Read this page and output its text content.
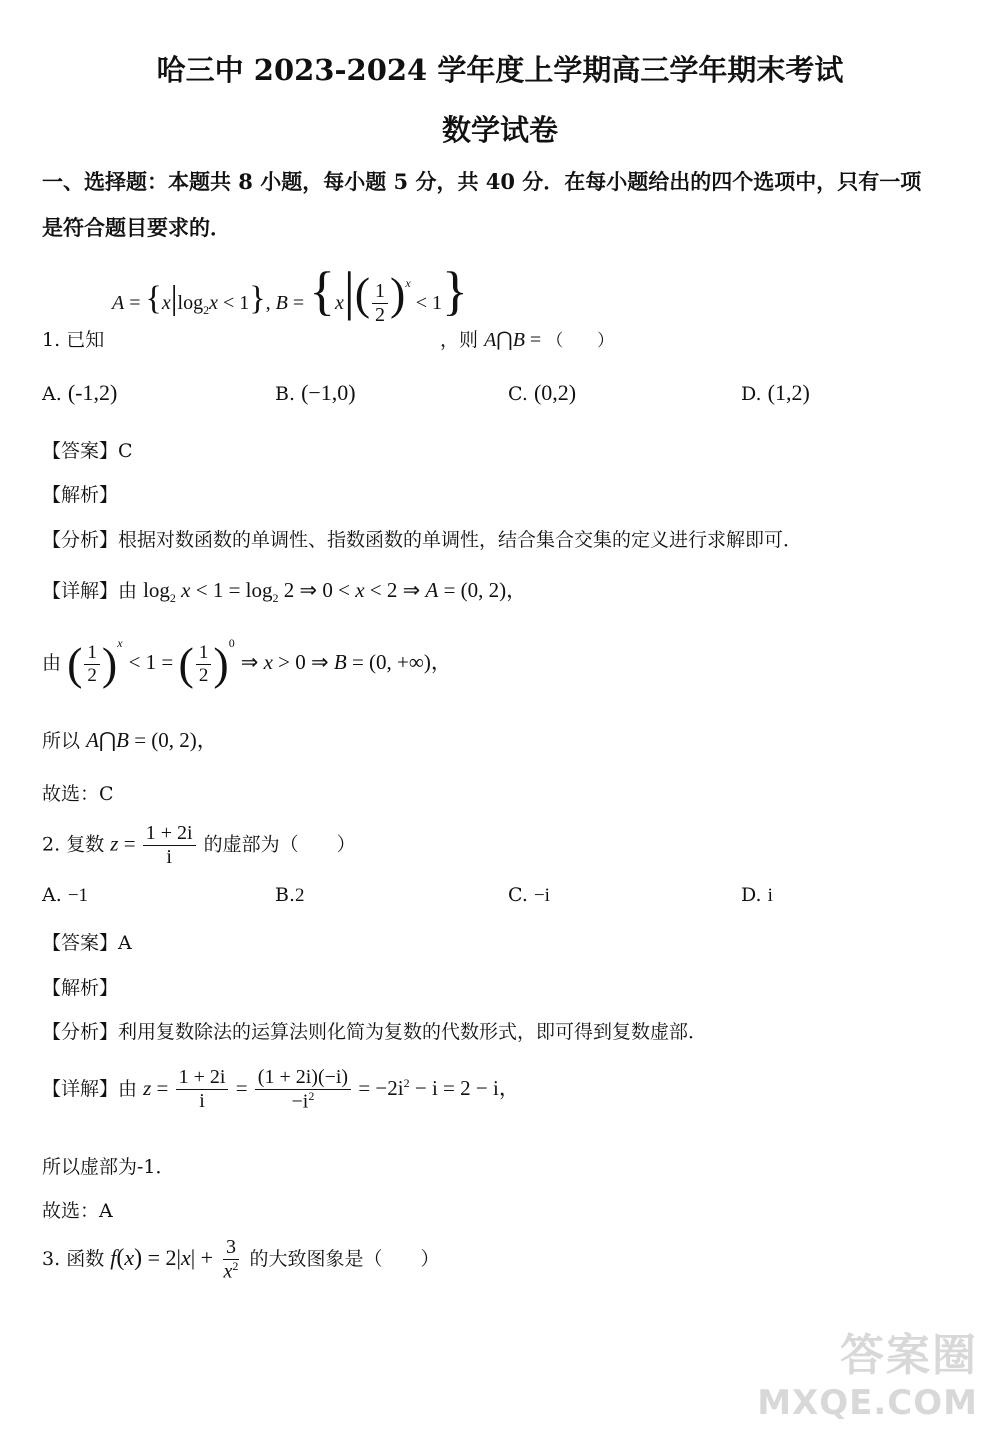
哈三中 2023-2024 学年度上学期高三学年期末考试
数学试卷
一、选择题：本题共 8 小题，每小题 5 分，共 40 分．在每小题给出的四个选项中，只有一项
是符合题目要求的．
$A = \{x|\log_2x < 1\}$, $B = \{x|( \frac{1}{2} )^x < 1\}$
1. 已知	，则 A⋂B = （　　）
A. (-1,2)	B. (−1,0)	C. (0,2)	D. (1,2)
【答案】C
【解析】
【分析】根据对数函数的单调性、指数函数的单调性，结合集合交集的定义进行求解即可．
【详解】由 $\log_2 x < 1 = \log_2 2$ ⇒ 0 < x < 2 ⇒ A = (0, 2)，
由 ( $\frac{1}{2} )^x < 1$ = ( $\frac{1}{2} )^0$ ⇒ x > 0 ⇒ B = (0, +∞)，
所以 A⋂B = (0, 2)，
故选：C
2. 复数 $z = \frac{1 + 2i}{i}$ 的虚部为（　　）
A. −1	B.2	C. −i	D. i
【答案】A
【解析】
【分析】利用复数除法的运算法则化简为复数的代数形式，即可得到复数虚部．
【详解】由 $z = \frac{1 + 2i}{i} = \frac{(1 + 2i)(-i)}{-i^2} = -2i^2 - i = 2 - i$，
所以虚部为-1．
故选：A
3. 函数 $f(x) = 2|x| + \frac{3}{x^2}$ 的大致图象是（　　）
答案圈
MXQE.COM
